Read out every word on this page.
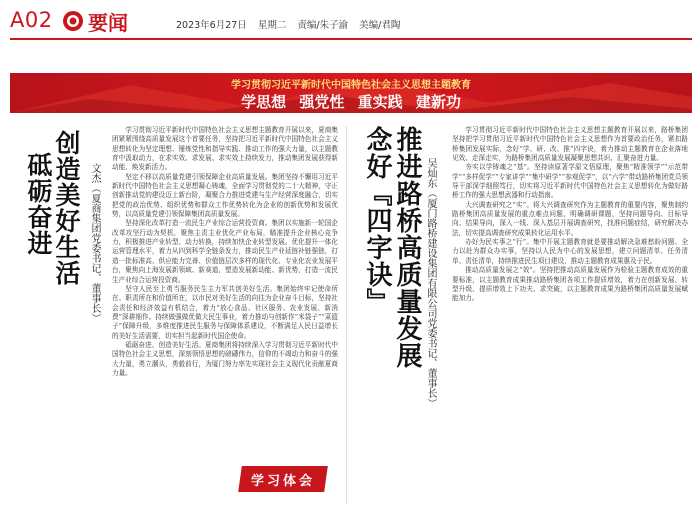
A02 要闻	2023年6月27日 星期二 责编/朱子渝 美编/君陶
学习贯彻习近平新时代中国特色社会主义思想主题教育
学思想 强党性 重实践 建新功
创造美好生活
砥砺奋进	文杰（夏商集团党委书记、董事长）

学习贯彻习近平新时代中国特色社会主义思想主题教育开展以来，夏商集团紧紧围绕高质量发展这个首要任务，坚持把习近平新时代中国特色社会主义思想转化为坚定理想、锤炼党性和指导实践、推动工作的强大力量，以主题教育中汲取动力，在求实效、求发展、求实效上持续发力，推动集团发展获得新动能、焕发新活力。

坚定不移以高质量党建引领保障企业高质量发展。集团坚持不懈用习近平新时代中国特色社会主义思想凝心铸魂，全面学习贯彻党的二十大精神，守正创新推动党的建设迈上新台阶，凝聚合力推进党建与生产经营深度融合，切实把党的政治优势、组织优势和群众工作优势转化为企业的创新优势和发展优势，以高质量党建引领保障集团高质量发展。

坚持深化改革打造一流民生产业综合运营投资商。集团以实施新一轮国企改革攻坚行动为契机，聚焦主责主业优化产业布局，瞄准提升企业核心竞争力，积极推进产业转型、动力转换，持续加快企业转型发展。优化提升一体化运营管理水平，着力从四到科学全链条发力，推动民生产业延链补链强链，打造一批标准高、供应能力完善、价值链层次多样的现代化、专业化农业发展平台，聚焦向上海发展新领域、新赛道，塑造发展新动能、新优势，打造一流民生产业综合运营投资商。

坚守人民至上勇当服务民生主力军共创美好生活。集团始终牢记使命所在、职责所在和价值所在，以市民对美好生活的向往为企业奋斗目标，坚持社会责任和经济效益有机结合，着力“放心食品、社区服务、农业发展、新消费”深耕细作。持续做强做优做大民生事业，着力推动与创新作“米袋子”“菜篮子”保障升级，多维度推进民生服务与保障体系建设，不断满足人民日益增长的美好生活需要，切实担当起新时代国企使命。

砥砺奋进、创造美好生活。夏商集团将持续深入学习贯彻习近平新时代中国特色社会主义思想，深刻领悟思想的磅礴伟力，信仰的不竭动力和奋斗的强大力量，勇立潮头，勇毅前行，为厦门努力率先实现社会主义现代化贡献夏商力量。

推进路桥高质量发展
念好『四字诀』	吴灿东（厦门路桥建设集团有限公司党委书记、董事长）

学习贯彻习近平新时代中国特色社会主义思想主题教育开展以来，路桥集团坚持把学习贯彻习近平新时代中国特色社会主义思想作为首要政治任务，紧扣路桥集团发展实际，念好“学、研、改、推”四字诀，着力推动主题教育在企业落地见效、走深走实，为路桥集团高质量发展凝聚思想共识、汇聚奋进力量。

夯实以学铸魂之“基”。坚持读原著学原文悟原理，聚焦“精准领学”“示范带学”“多样促学”“专家讲学”“集中研学”“参观促学”，以“六学”带动路桥集团党员领导干部深学细照笃行，切实将习近平新时代中国特色社会主义思想转化为做好路桥工作的强大思想武器和行动指南。

大兴调查研究之“实”。将大兴调查研究作为主题教育的重要内容，聚焦制约路桥集团高质量发展的重点难点问题，明确调研课题，坚持问题导向、目标导向、结果导向，深入一线、深入基层开展调查研究，找准问题症结，研究解决办法，切实提高调查研究成果转化运用水平。

办好为民实事之“行”。集中开展主题教育就是要推动解决急难愁盼问题、全力以赴为群众办实事，坚持以人民为中心的发展思想，建立问题清单、任务清单、责任清单，持续推进民生项目建设，推动主题教育成果惠及于民。

推动高质量发展之“效”。坚持把推动高质量发展作为检验主题教育成效的重要标准，以主题教育成果推动路桥集团各项工作提质增效，着力在创新发展、转型升级、提质增效上下功夫、求突破，以主题教育成果为路桥集团高质量发展赋能加力。

学习体会
